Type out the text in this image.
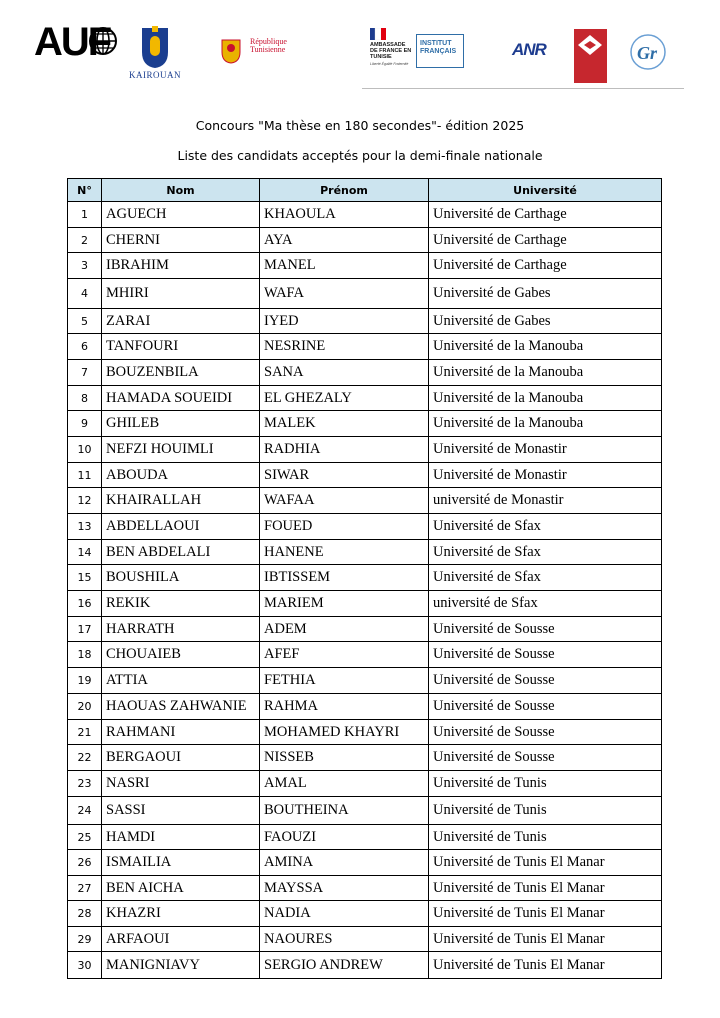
AUF
KAIROUAN
République Tunisienne	AMBASSADE DE FRANCE EN TUNISIE
Liberté Égalité Fraternité
INSTITUT FRANÇAIS	ANR	Gr
Concours "Ma thèse en 180 secondes"- édition 2025
Liste des candidats acceptés pour la demi-finale nationale
N°	Nom	Prénom	Université
1	AGUECH	KHAOULA	Université de Carthage
2	CHERNI	AYA	Université de Carthage
3	IBRAHIM	MANEL	Université de Carthage
4	MHIRI	WAFA	Université de Gabes
5	ZARAI	IYED	Université de Gabes
6	TANFOURI	NESRINE	Université de la Manouba
7	BOUZENBILA	SANA	Université de la Manouba
8	HAMADA SOUEIDI	EL GHEZALY	Université de la Manouba
9	GHILEB	MALEK	Université de la Manouba
10	NEFZI HOUIMLI	RADHIA	Université de Monastir
11	ABOUDA	SIWAR	Université de Monastir
12	KHAIRALLAH	WAFAA	université de Monastir
13	ABDELLAOUI	FOUED	Université de Sfax
14	BEN ABDELALI	HANENE	Université de Sfax
15	BOUSHILA	IBTISSEM	Université de Sfax
16	REKIK	MARIEM	université de Sfax
17	HARRATH	ADEM	Université de Sousse
18	CHOUAIEB	AFEF	Université de Sousse
19	ATTIA	FETHIA	Université de Sousse
20	HAOUAS ZAHWANIE	RAHMA	Université de Sousse
21	RAHMANI	MOHAMED KHAYRI	Université de Sousse
22	BERGAOUI	NISSEB	Université de Sousse
23	NASRI	AMAL	Université de Tunis
24	SASSI	BOUTHEINA	Université de Tunis
25	HAMDI	FAOUZI	Université de Tunis
26	ISMAILIA	AMINA	Université de Tunis El Manar
27	BEN AICHA	MAYSSA	Université de Tunis El Manar
28	KHAZRI	NADIA	Université de Tunis El Manar
29	ARFAOUI	NAOURES	Université de Tunis El Manar
30	MANIGNIAVY	SERGIO ANDREW	Université de Tunis El Manar
